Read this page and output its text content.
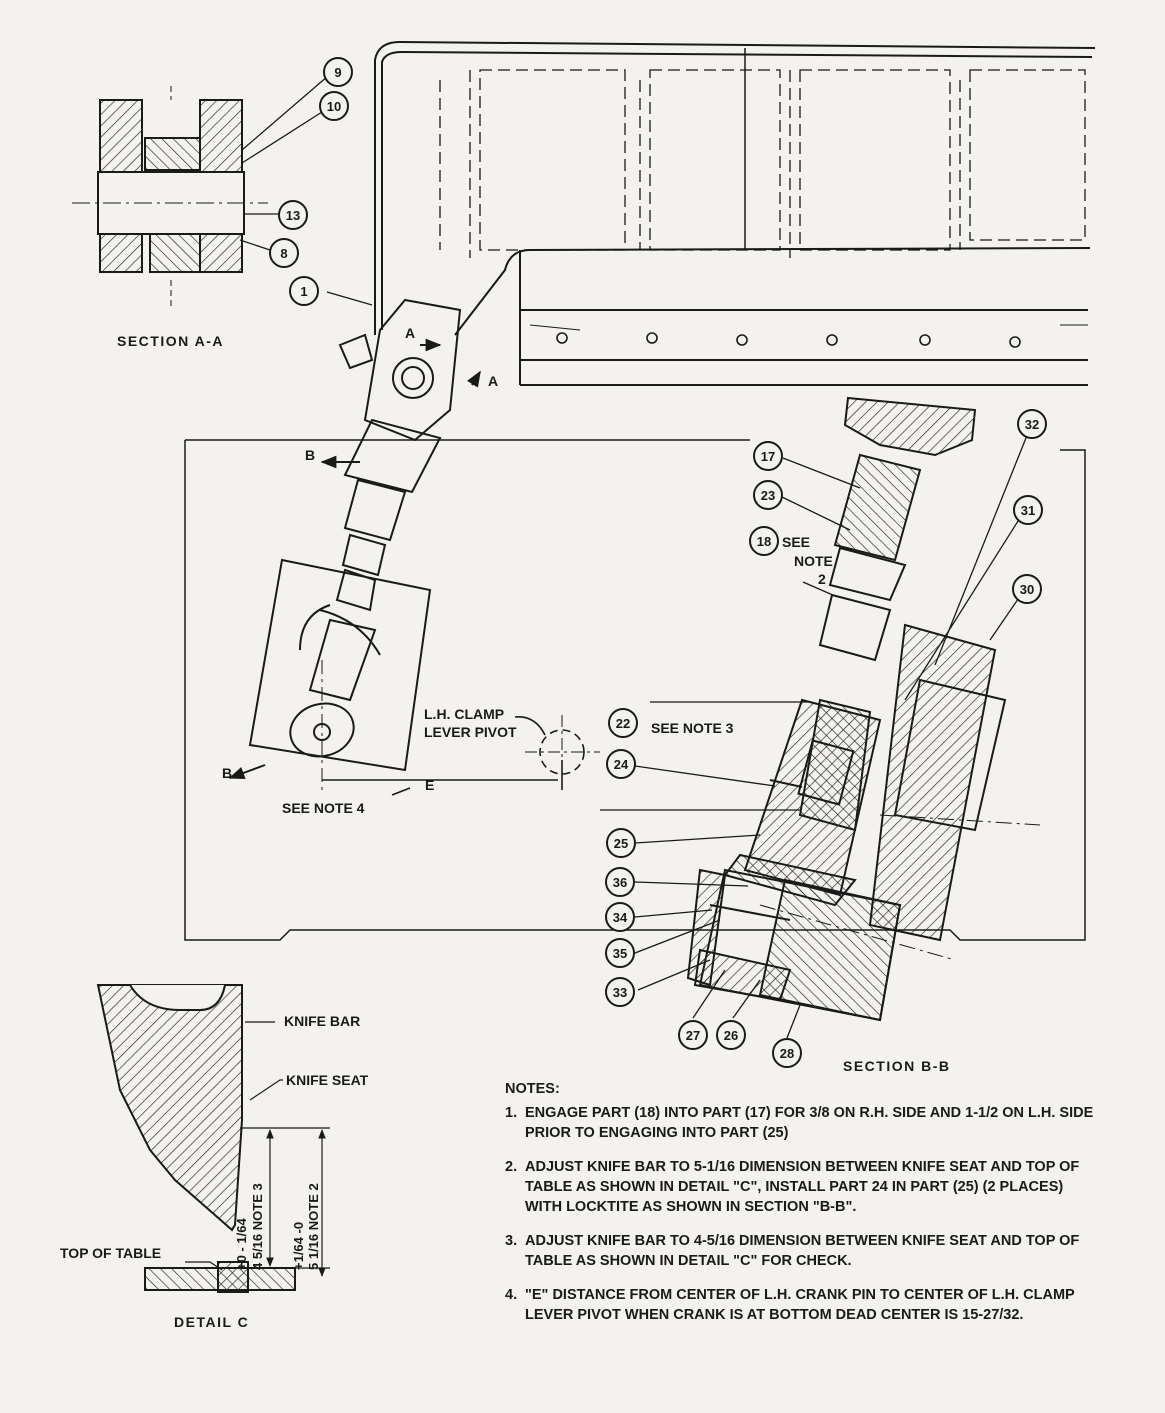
9
10
13
8
1
17
23
18
22
24
25
36
34
35
33
27 26
28
32
31
30
SECTION A-A
SECTION B-B
DETAIL C
KNIFE BAR
KNIFE SEAT
TOP OF TABLE
L.H. CLAMP
LEVER PIVOT
SEE NOTE 4
E
SEE NOTE 3
SEE
NOTE
2
B
B
A
A
+0 - 1/64 4 5/16 NOTE 3 +1/64 -0 5 1/16 NOTE 2
NOTES:
1. ENGAGE PART (18) INTO PART (17) FOR 3/8 ON R.H. SIDE AND 1-1/2 ON L.H. SIDE PRIOR TO ENGAGING INTO PART (25)
2. ADJUST KNIFE BAR TO 5-1/16 DIMENSION BETWEEN KNIFE SEAT AND TOP OF TABLE AS SHOWN IN DETAIL "C", INSTALL PART 24 IN PART (25) (2 PLACES) WITH LOCKTITE AS SHOWN IN SECTION "B-B".
3. ADJUST KNIFE BAR TO 4-5/16 DIMENSION BETWEEN KNIFE SEAT AND TOP OF TABLE AS SHOWN IN DETAIL "C" FOR CHECK.
4. "E" DISTANCE FROM CENTER OF L.H. CRANK PIN TO CENTER OF L.H. CLAMP LEVER PIVOT WHEN CRANK IS AT BOTTOM DEAD CENTER IS 15-27/32.
